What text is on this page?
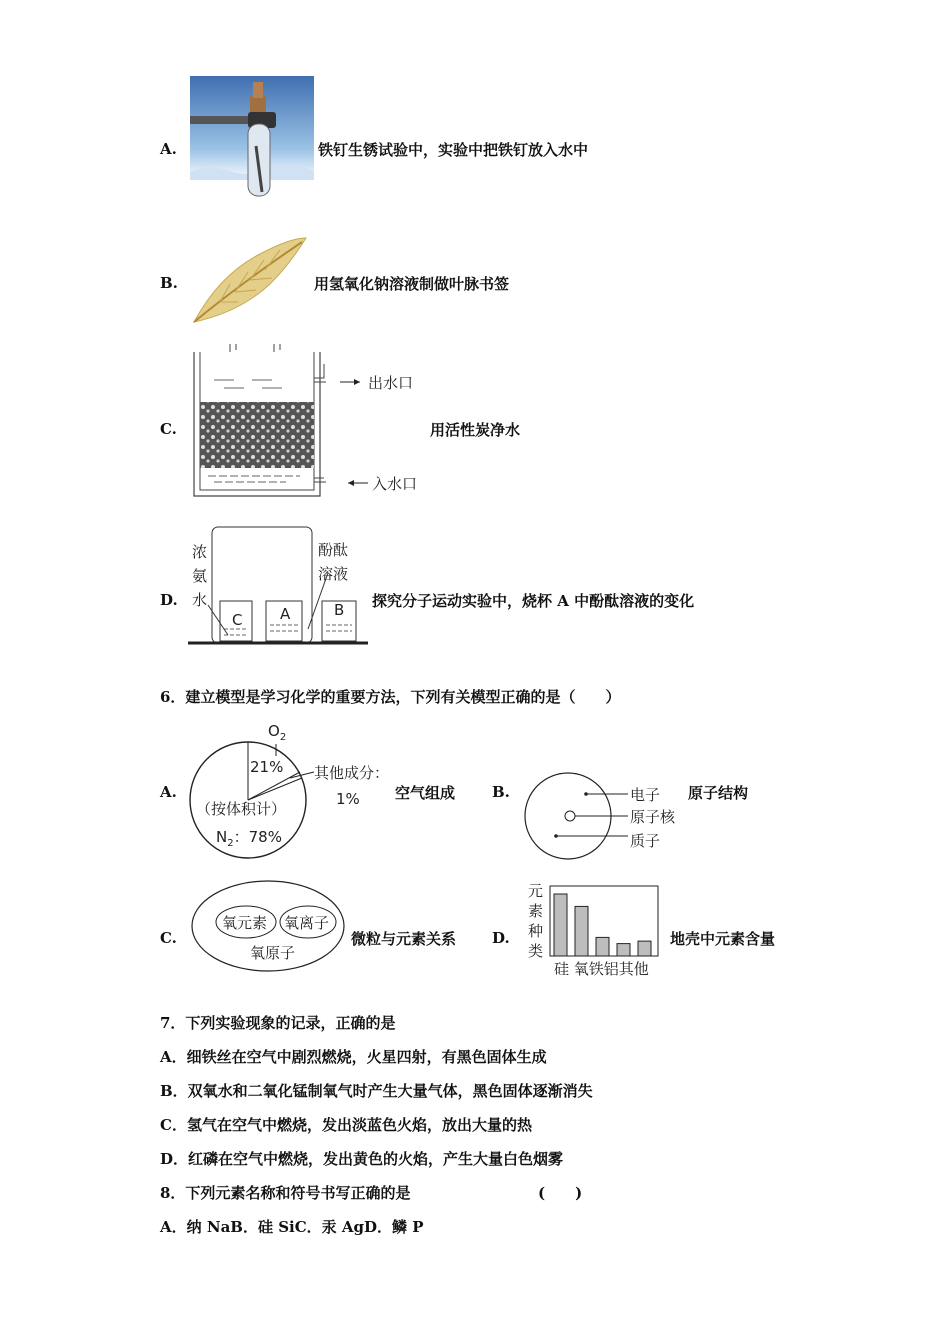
A.	铁钉生锈试验中，实验中把铁钉放入水中
B.	用氢氧化钠溶液制做叶脉书签
C.
出水口
入水口
用活性炭净水
D.
C	A	B
浓
氨
水
酚酞
溶液
探究分子运动实验中，烧杯 A 中酚酞溶液的变化
6．建立模型是学习化学的重要方法，下列有关模型正确的是（　　）
A.
$O_2$
21% 其他成分：
1%
（按体积计）
$N_2$：78%
空气组成 B.	电子
原子核
质子
原子结构
C.
氧元素 氧离子
氧原子
微粒与元素关系 D.
元
素
种
类
硅 氧铁铝其他
地壳中元素含量
7．下列实验现象的记录，正确的是
A．细铁丝在空气中剧烈燃烧，火星四射，有黑色固体生成
B．双氧水和二氧化锰制氧气时产生大量气体，黑色固体逐渐消失
C．氢气在空气中燃烧，发出淡蓝色火焰，放出大量的热
D．红磷在空气中燃烧，发出黄色的火焰，产生大量白色烟雾
8．下列元素名称和符号书写正确的是	(　　)
A．纳 NaB．硅 SiC．汞 AgD．鳞 P
